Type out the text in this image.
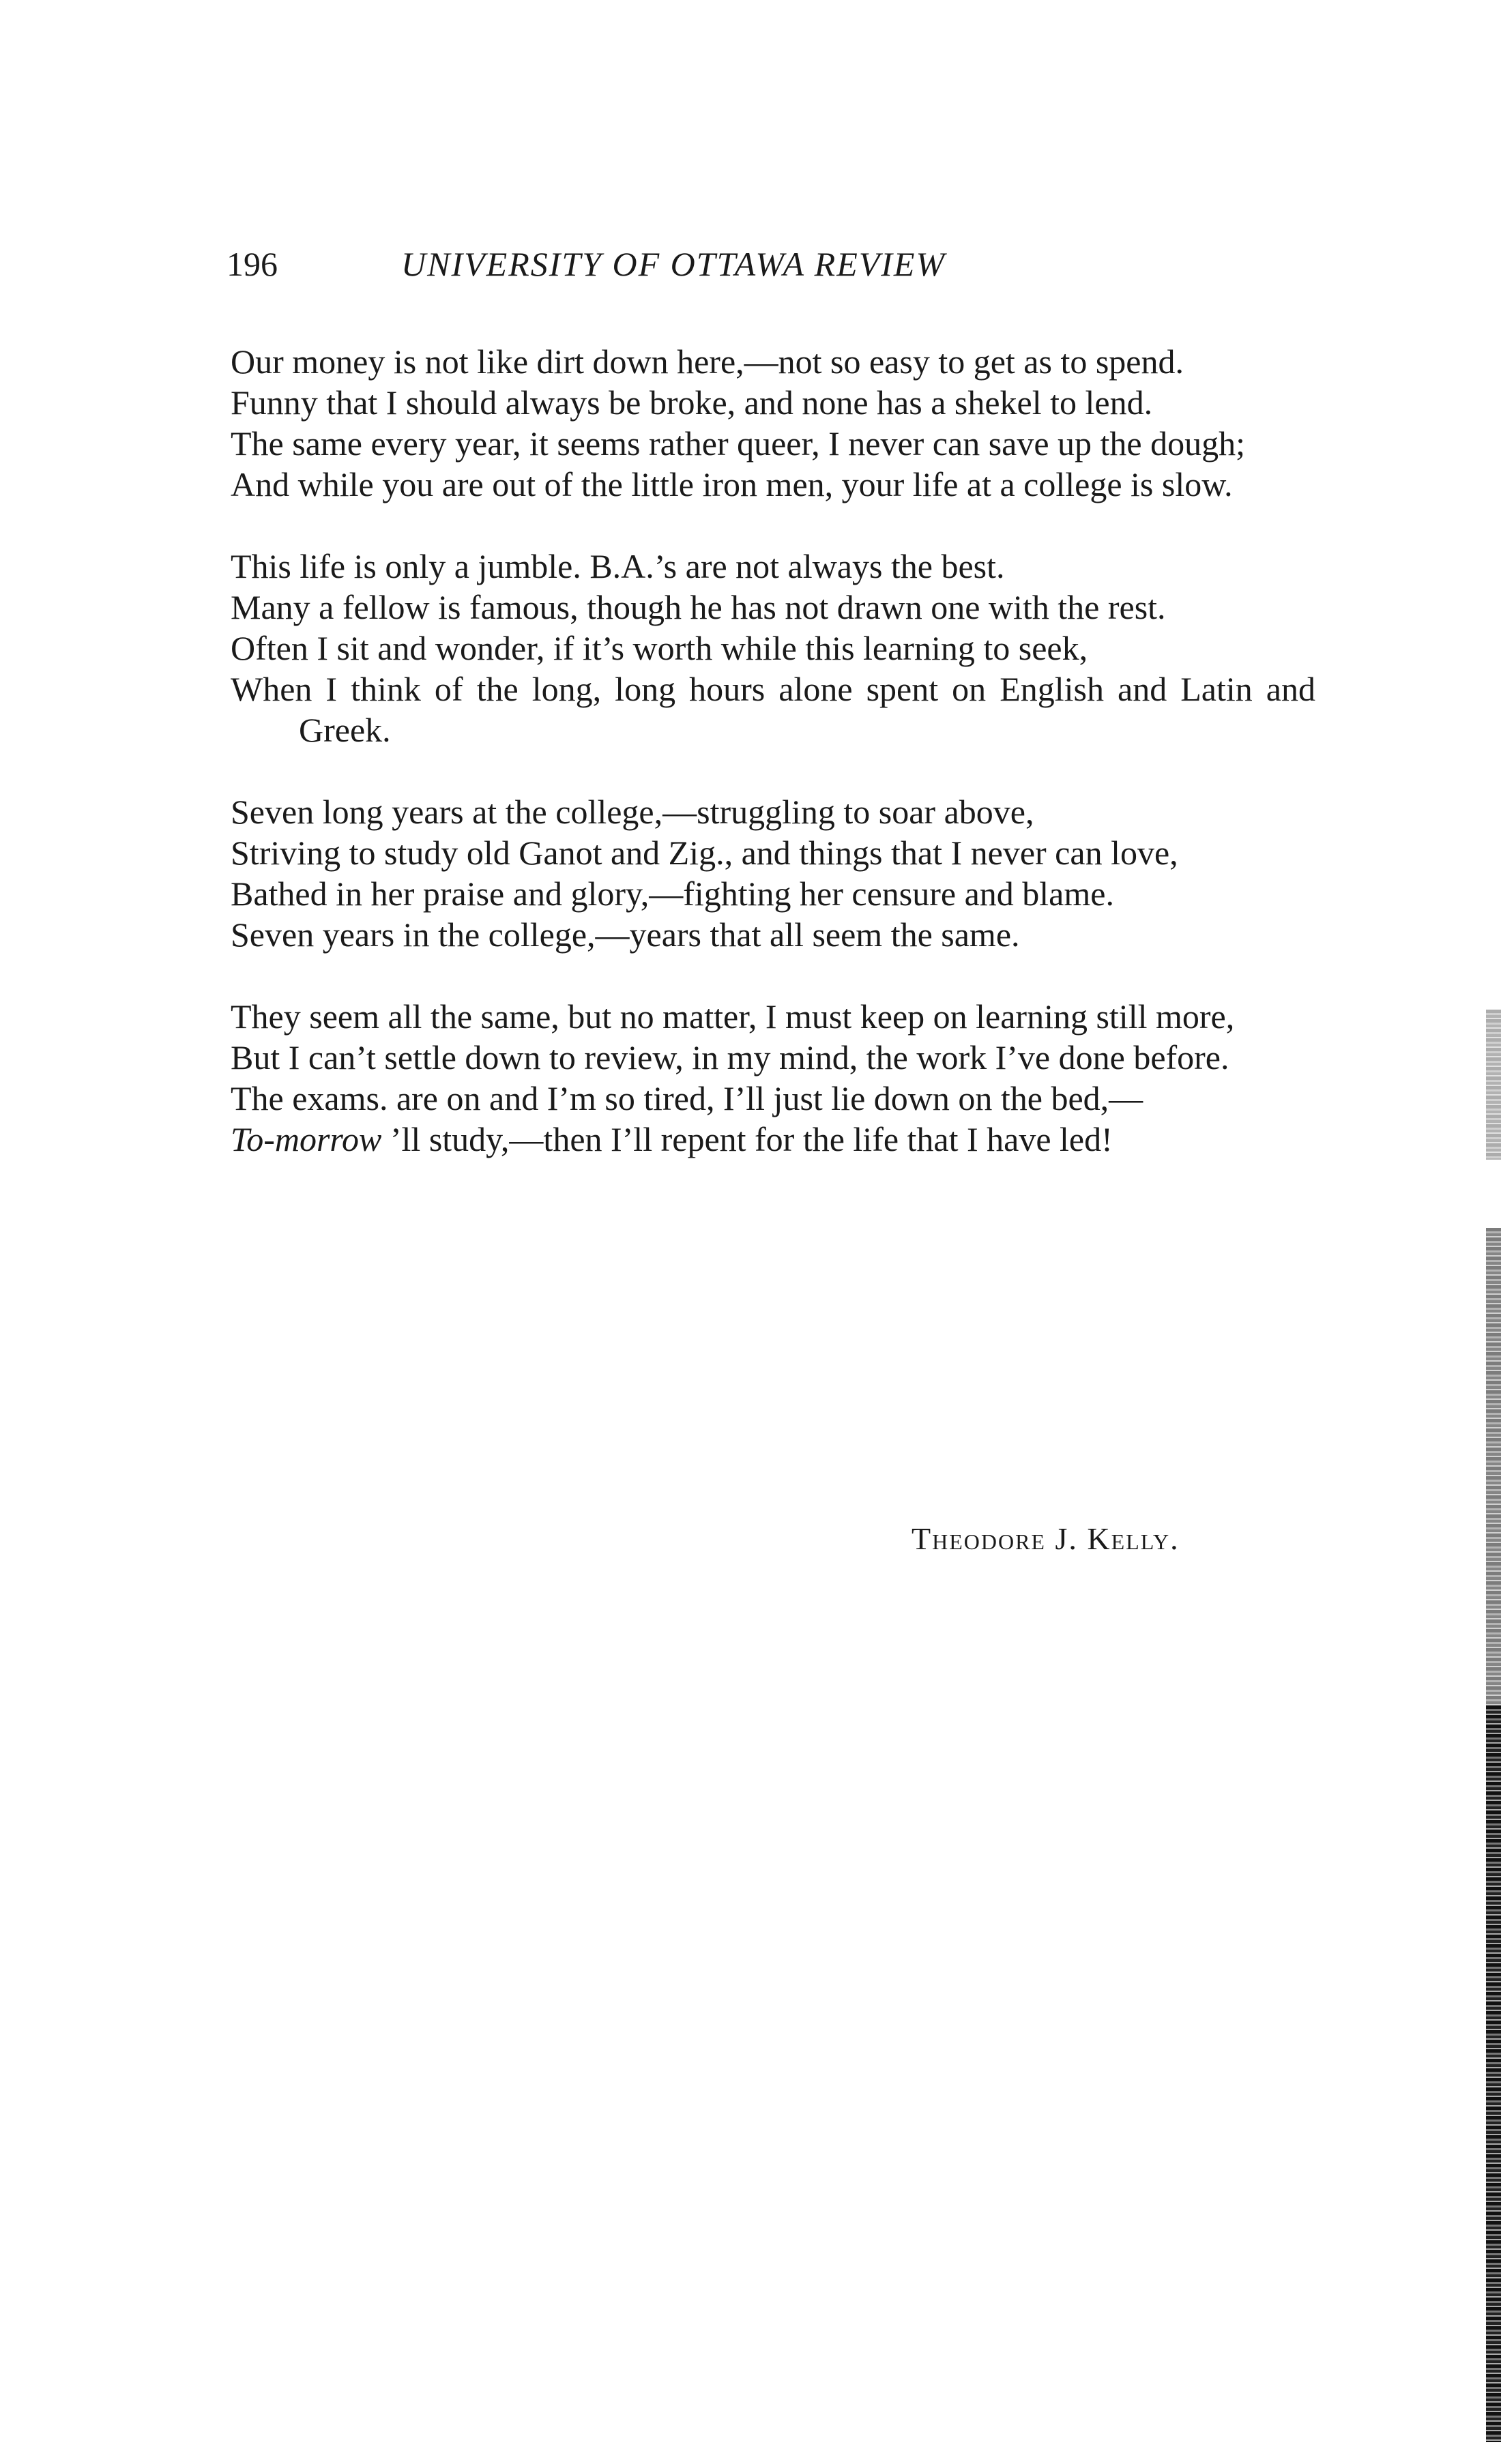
196	UNIVERSITY OF OTTAWA REVIEW
Our money is not like dirt down here,—not so easy to get as to spend.
Funny that I should always be broke, and none has a shekel to lend.
The same every year, it seems rather queer, I never can save up the dough;
And while you are out of the little iron men, your life at a college is slow.
This life is only a jumble. B.A.’s are not always the best.
Many a fellow is famous, though he has not drawn one with the rest.
Often I sit and wonder, if it’s worth while this learning to seek,
When I think of the long, long hours alone spent on English and Latin and Greek.
Seven long years at the college,—struggling to soar above,
Striving to study old Ganot and Zig., and things that I never can love,
Bathed in her praise and glory,—fighting her censure and blame.
Seven years in the college,—years that all seem the same.
They seem all the same, but no matter, I must keep on learning still more,
But I can’t settle down to review, in my mind, the work I’ve done before.
The exams. are on and I’m so tired, I’ll just lie down on the bed,—
To-morrow ’ll study,—then I’ll repent for the life that I have led!
Theodore J. Kelly.
